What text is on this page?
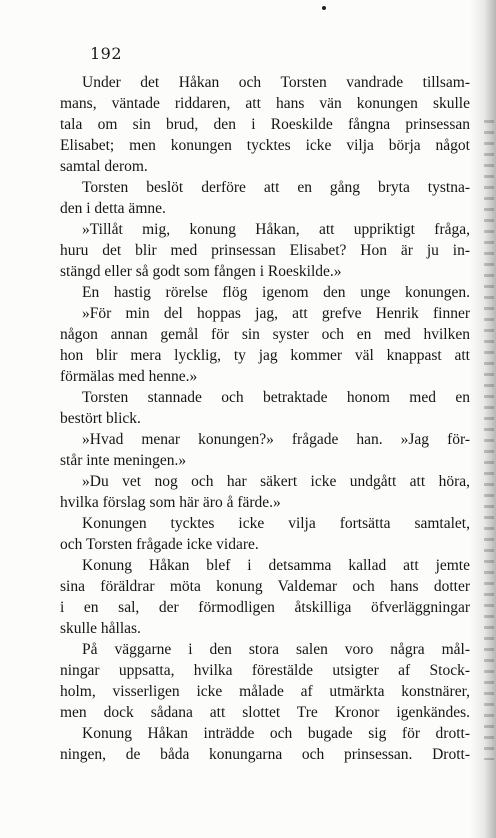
192
Under det Håkan och Torsten vandrade tillsam-
mans, väntade riddaren, att hans vän konungen skulle
tala om sin brud, den i Roeskilde fångna prinsessan
Elisabet; men konungen tycktes icke vilja börja något
samtal derom.
Torsten beslöt derföre att en gång bryta tystna-
den i detta ämne.
»Tillåt mig, konung Håkan, att uppriktigt fråga,
huru det blir med prinsessan Elisabet? Hon är ju in-
stängd eller så godt som fången i Roeskilde.»
En hastig rörelse flög igenom den unge konungen.
»För min del hoppas jag, att grefve Henrik finner
någon annan gemål för sin syster och en med hvilken
hon blir mera lycklig, ty jag kommer väl knappast att
förmälas med henne.»
Torsten stannade och betraktade honom med en
bestört blick.
»Hvad menar konungen?» frågade han. »Jag för-
står inte meningen.»
»Du vet nog och har säkert icke undgått att höra,
hvilka förslag som här äro å färde.»
Konungen tycktes icke vilja fortsätta samtalet,
och Torsten frågade icke vidare.
Konung Håkan blef i detsamma kallad att jemte
sina föräldrar möta konung Valdemar och hans dotter
i en sal, der förmodligen åtskilliga öfverläggningar
skulle hållas.
På väggarne i den stora salen voro några mål-
ningar uppsatta, hvilka förestälde utsigter af Stock-
holm, visserligen icke målade af utmärkta konstnärer,
men dock sådana att slottet Tre Kronor igenkändes.
Konung Håkan inträdde och bugade sig för drott-
ningen, de båda konungarna och prinsessan. Drott-
